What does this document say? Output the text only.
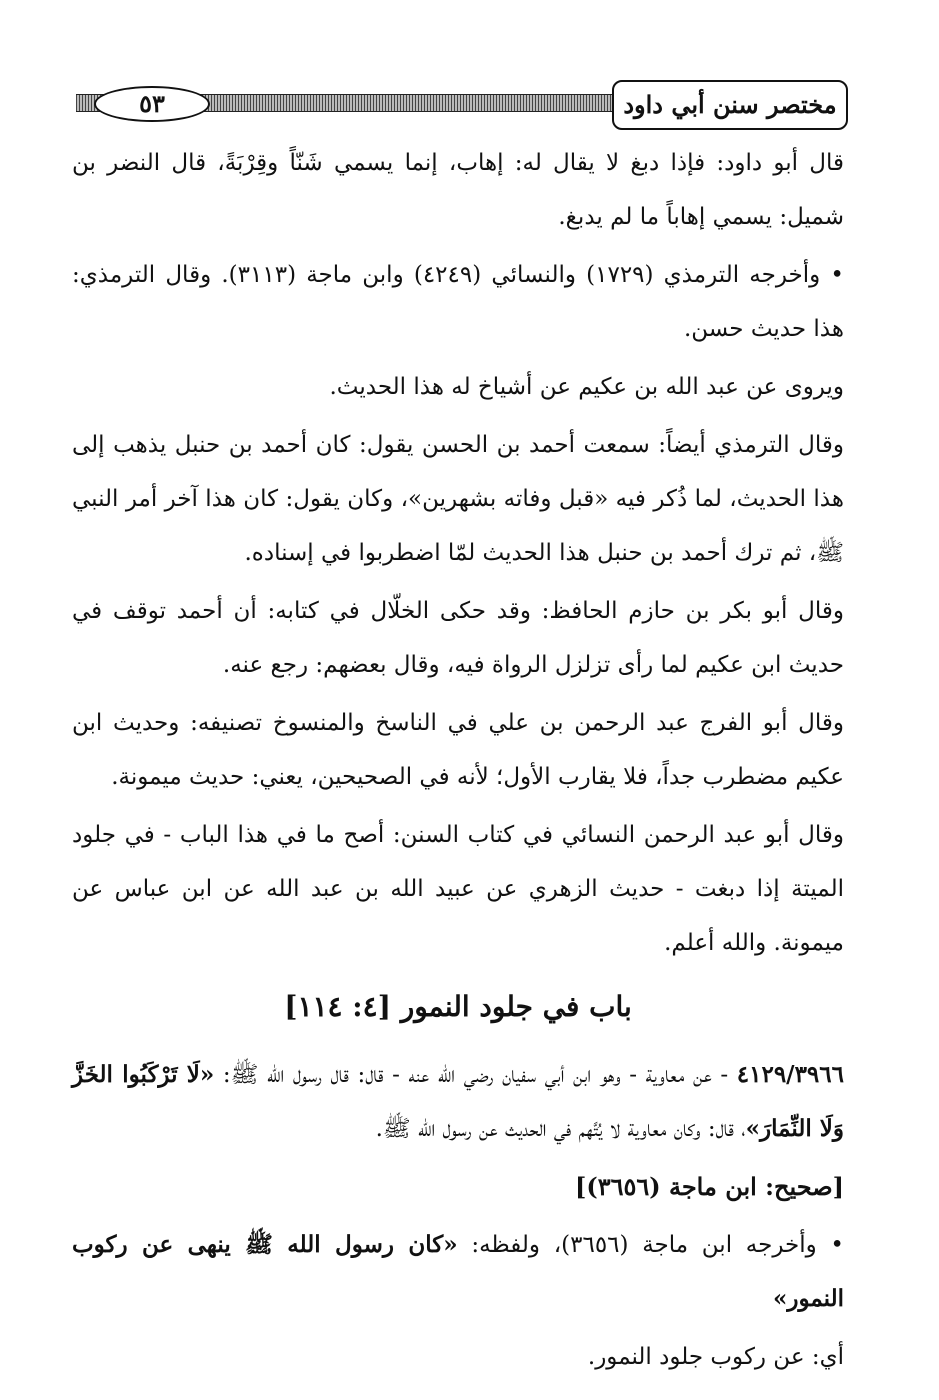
٥٣	مختصر سنن أبي داود

قال أبو داود: فإذا دبغ لا يقال له: إهاب، إنما يسمي شَنّاً وقِرْبَةً، قال النضر بن شميل: يسمي إهاباً ما لم يدبغ.

• وأخرجه الترمذي (١٧٢٩) والنسائي (٤٢٤٩) وابن ماجة (٣١١٣). وقال الترمذي: هذا حديث حسن.

ويروى عن عبد الله بن عكيم عن أشياخ له هذا الحديث.

وقال الترمذي أيضاً: سمعت أحمد بن الحسن يقول: كان أحمد بن حنبل يذهب إلى هذا الحديث، لما ذُكر فيه «قبل وفاته بشهرين»، وكان يقول: كان هذا آخر أمر النبي ﷺ، ثم ترك أحمد بن حنبل هذا الحديث لمّا اضطربوا في إسناده.

وقال أبو بكر بن حازم الحافظ: وقد حكى الخلّال في كتابه: أن أحمد توقف في حديث ابن عكيم لما رأى تزلزل الرواة فيه، وقال بعضهم: رجع عنه.

وقال أبو الفرج عبد الرحمن بن علي في الناسخ والمنسوخ تصنيفه: وحديث ابن عكيم مضطرب جداً، فلا يقارب الأول؛ لأنه في الصحيحين، يعني: حديث ميمونة.

وقال أبو عبد الرحمن النسائي في كتاب السنن: أصح ما في هذا الباب - في جلود الميتة إذا دبغت - حديث الزهري عن عبيد الله بن عبد الله عن ابن عباس عن ميمونة. والله أعلم.

باب في جلود النمور [٤: ١١٤]

٤١٢٩/٣٩٦٦ - عن معاوية - وهو ابن أبي سفيان رضي الله عنه - قال: قال رسول الله ﷺ: «لَا تَرْكَبُوا الخَزَّ وَلَا النِّمَارَ»، قال: وكان معاوية لا يُتَّهم في الحديث عن رسول الله ﷺ.

[صحيح: ابن ماجة (٣٦٥٦)]

• وأخرجه ابن ماجة (٣٦٥٦)، ولفظه: «كان رسول الله ﷺ ينهى عن ركوب النمور»

أي: عن ركوب جلود النمور.
